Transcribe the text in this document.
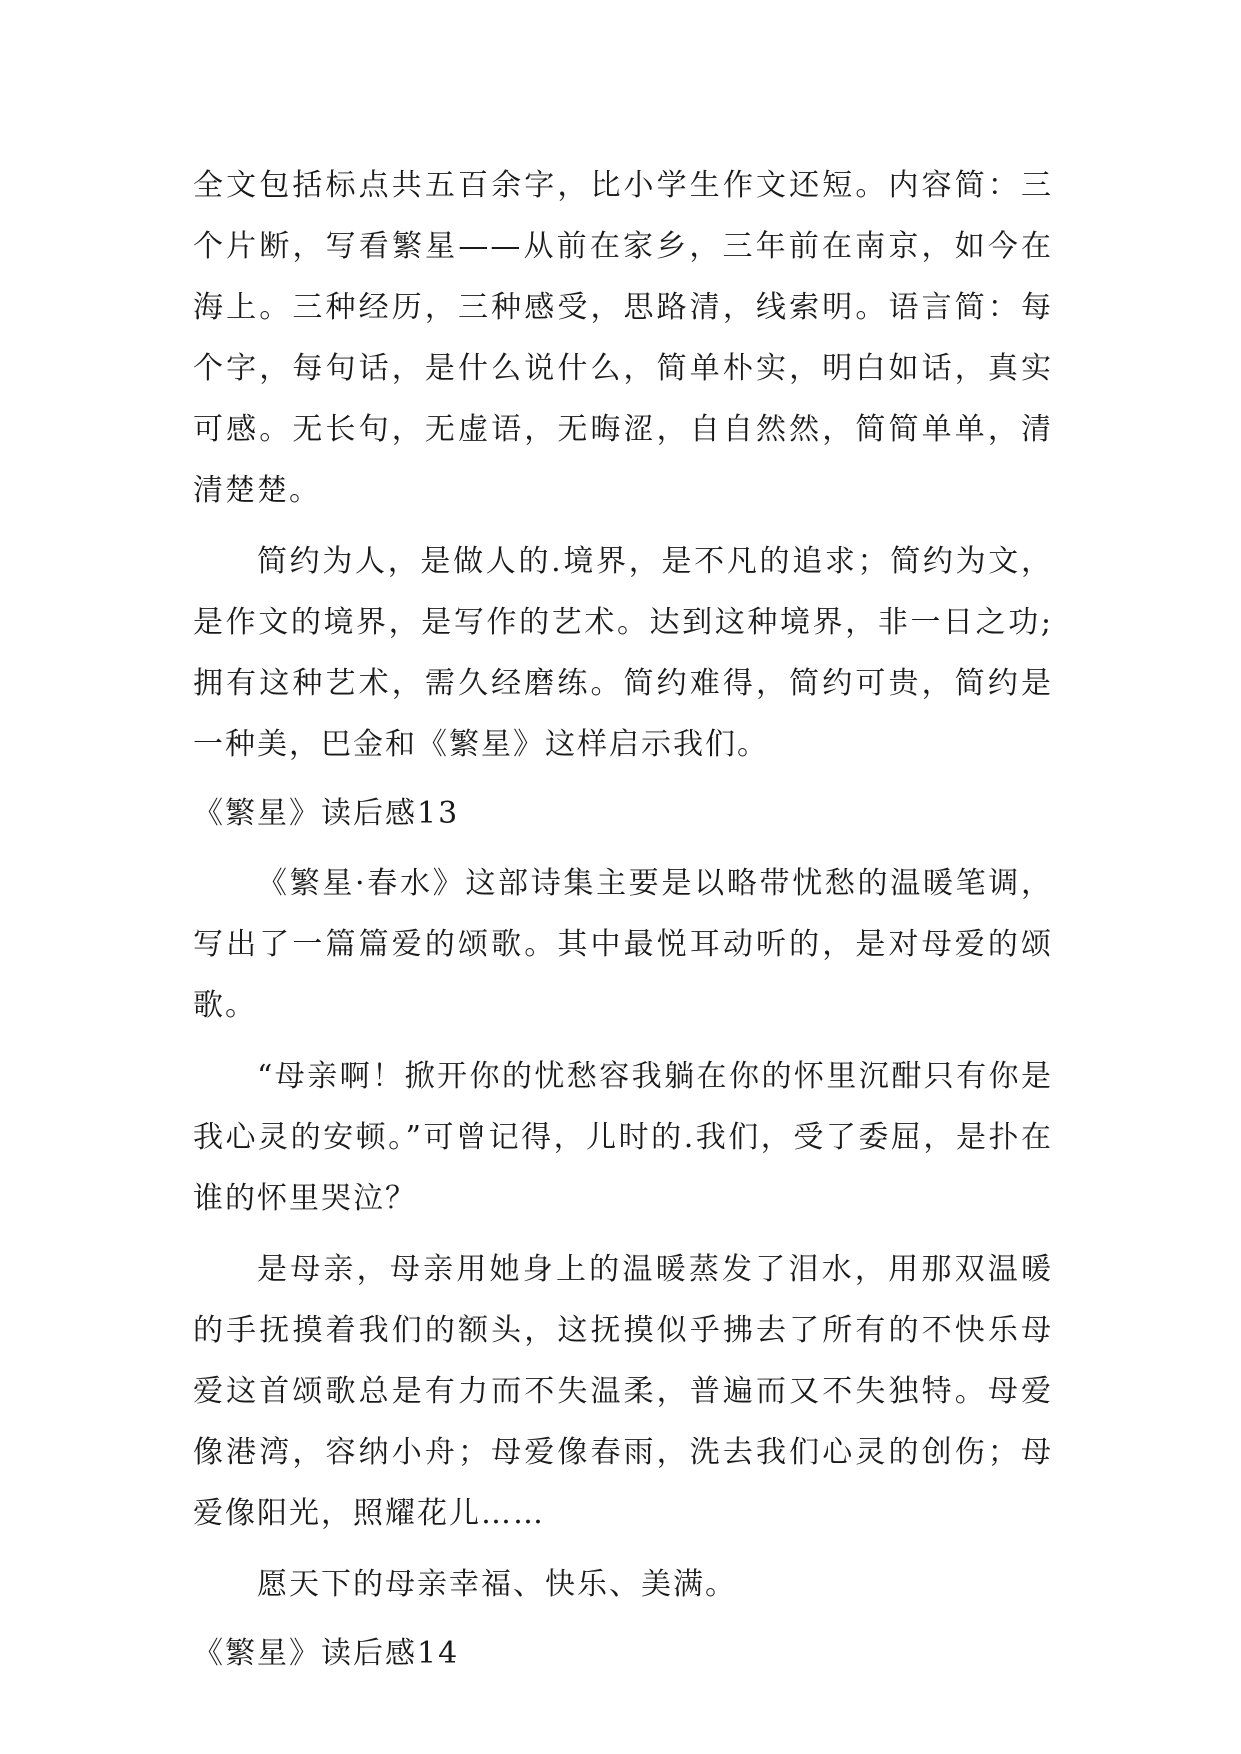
全文包括标点共五百余字，比小学生作文还短。内容简：三个片断，写看繁星——从前在家乡，三年前在南京，如今在海上。三种经历，三种感受，思路清，线索明。语言简：每个字，每句话，是什么说什么，简单朴实，明白如话，真实可感。无长句，无虚语，无晦涩，自自然然，简简单单，清清楚楚。

简约为人，是做人的.境界，是不凡的追求；简约为文，是作文的境界，是写作的艺术。达到这种境界，非一日之功;拥有这种艺术，需久经磨练。简约难得，简约可贵，简约是一种美，巴金和《繁星》这样启示我们。

《繁星》读后感13

《繁星·春水》这部诗集主要是以略带忧愁的温暖笔调，写出了一篇篇爱的颂歌。其中最悦耳动听的，是对母爱的颂歌。

“母亲啊！掀开你的忧愁容我躺在你的怀里沉酣只有你是我心灵的安顿。”可曾记得，儿时的.我们，受了委屈，是扑在谁的怀里哭泣？

是母亲，母亲用她身上的温暖蒸发了泪水，用那双温暖的手抚摸着我们的额头，这抚摸似乎拂去了所有的不快乐母爱这首颂歌总是有力而不失温柔，普遍而又不失独特。母爱像港湾，容纳小舟；母爱像春雨，洗去我们心灵的创伤；母爱像阳光，照耀花儿……

愿天下的母亲幸福、快乐、美满。

《繁星》读后感14
